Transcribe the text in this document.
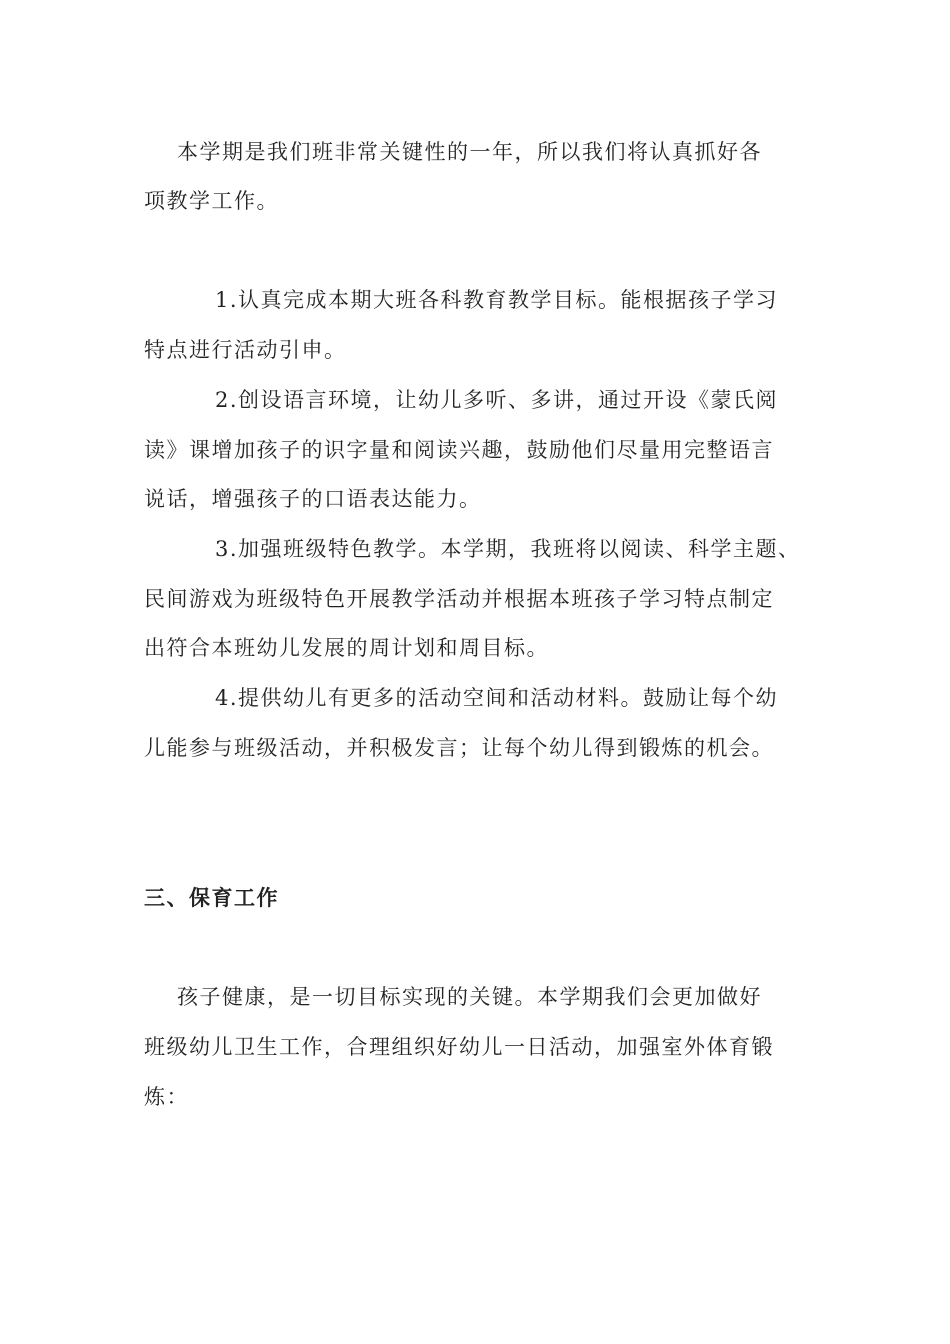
本学期是我们班非常关键性的一年，所以我们将认真抓好各
项教学工作。
1.认真完成本期大班各科教育教学目标。能根据孩子学习
特点进行活动引申。
2.创设语言环境，让幼儿多听、多讲，通过开设《蒙氏阅
读》课增加孩子的识字量和阅读兴趣，鼓励他们尽量用完整语言
说话，增强孩子的口语表达能力。
3.加强班级特色教学。本学期，我班将以阅读、科学主题、
民间游戏为班级特色开展教学活动并根据本班孩子学习特点制定
出符合本班幼儿发展的周计划和周目标。
4.提供幼儿有更多的活动空间和活动材料。鼓励让每个幼
儿能参与班级活动，并积极发言；让每个幼儿得到锻炼的机会。
三、保育工作
孩子健康，是一切目标实现的关键。本学期我们会更加做好
班级幼儿卫生工作，合理组织好幼儿一日活动，加强室外体育锻
炼：
